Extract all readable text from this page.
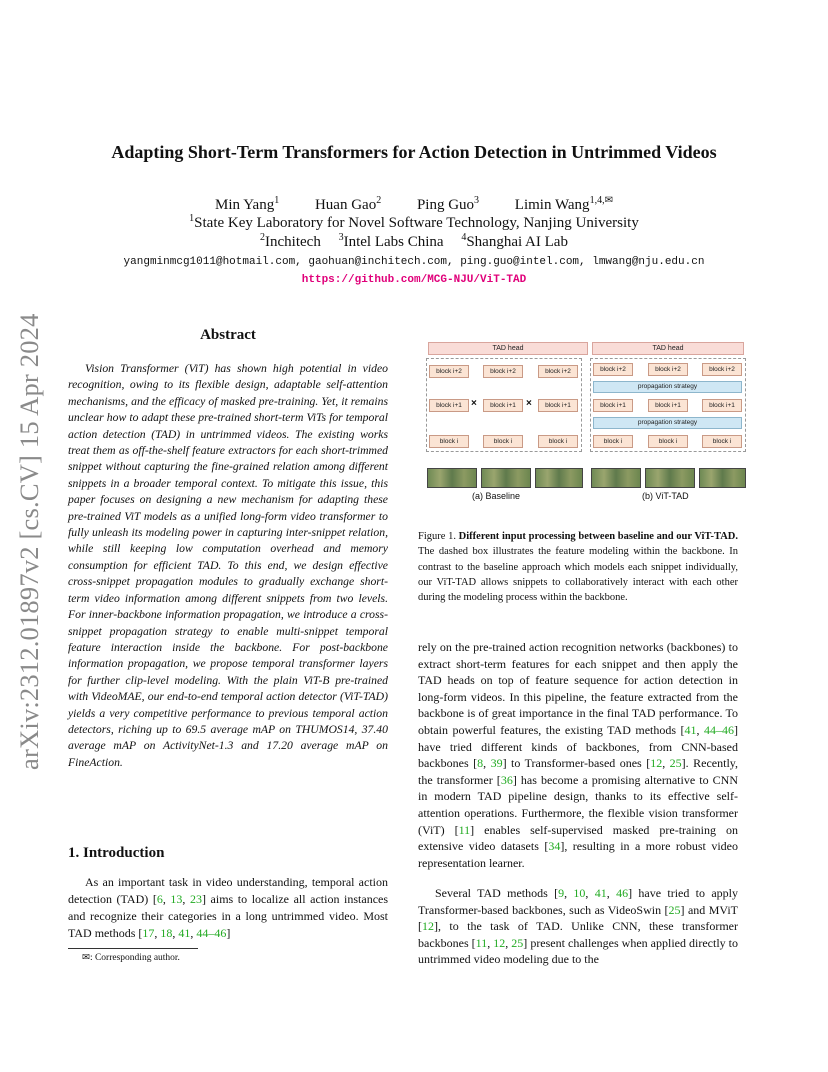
arXiv:2312.01897v2 [cs.CV] 15 Apr 2024
Adapting Short-Term Transformers for Action Detection in Untrimmed Videos
Min Yang$^1$ Huan Gao$^2$ Ping Guo$^3$ Limin Wang$^{1,4,✉}$
$^1$State Key Laboratory for Novel Software Technology, Nanjing University
$^2$Inchitech $^3$Intel Labs China $^4$Shanghai AI Lab
yangminmcg1011@hotmail.com, gaohuan@inchitech.com, ping.guo@intel.com, lmwang@nju.edu.cn
https://github.com/MCG-NJU/ViT-TAD
Abstract
Vision Transformer (ViT) has shown high potential in video recognition, owing to its flexible design, adaptable self-attention mechanisms, and the efficacy of masked pre-training. Yet, it remains unclear how to adapt these pre-trained short-term ViTs for temporal action detection (TAD) in untrimmed videos. The existing works treat them as off-the-shelf feature extractors for each short-trimmed snippet without capturing the fine-grained relation among different snippets in a broader temporal context. To mitigate this issue, this paper focuses on designing a new mechanism for adapting these pre-trained ViT models as a unified long-form video transformer to fully unleash its modeling power in capturing inter-snippet relation, while still keeping low computation overhead and memory consumption for efficient TAD. To this end, we design effective cross-snippet propagation modules to gradually exchange short-term video information among different snippets from two levels. For inner-backbone information propagation, we introduce a cross-snippet propagation strategy to enable multi-snippet temporal feature interaction inside the backbone. For post-backbone information propagation, we propose temporal transformer layers for further clip-level modeling. With the plain ViT-B pre-trained with VideoMAE, our end-to-end temporal action detector (ViT-TAD) yields a very competitive performance to previous temporal action detectors, riching up to 69.5 average mAP on THUMOS14, 37.40 average mAP on ActivityNet-1.3 and 17.20 average mAP on FineAction.
1. Introduction
As an important task in video understanding, temporal action detection (TAD) [6, 13, 23] aims to localize all action instances and recognize their categories in a long untrimmed video. Most TAD methods [17, 18, 41, 44–46]
✉: Corresponding author.
TAD head
block i+2	block i+2	block i+2
block i+1 ×	block i+1	×	block i+1
block i	block i	block i
(a) Baseline
TAD head
block i+2	block i+2	block i+2
propagation strategy
block i+1	block i+1	block i+1
propagation strategy
block i	block i	block i
(b) ViT-TAD
Figure 1. Different input processing between baseline and our ViT-TAD. The dashed box illustrates the feature modeling within the backbone. In contrast to the baseline approach which models each snippet individually, our ViT-TAD allows snippets to collaboratively interact with each other during the modeling process within the backbone.
rely on the pre-trained action recognition networks (backbones) to extract short-term features for each snippet and then apply the TAD heads on top of feature sequence for action detection in long-form videos. In this pipeline, the feature extracted from the backbone is of great importance in the final TAD performance. To obtain powerful features, the existing TAD methods [41, 44–46] have tried different kinds of backbones, from CNN-based backbones [8, 39] to Transformer-based ones [12, 25]. Recently, the transformer [36] has become a promising alternative to CNN in modern TAD pipeline design, thanks to its effective self-attention operations. Furthermore, the flexible vision transformer (ViT) [11] enables self-supervised masked pre-training on extensive video datasets [34], resulting in a more robust video representation learner.
Several TAD methods [9, 10, 41, 46] have tried to apply Transformer-based backbones, such as VideoSwin [25] and MViT [12], to the task of TAD. Unlike CNN, these transformer backbones [11, 12, 25] present challenges when applied directly to untrimmed video modeling due to the
